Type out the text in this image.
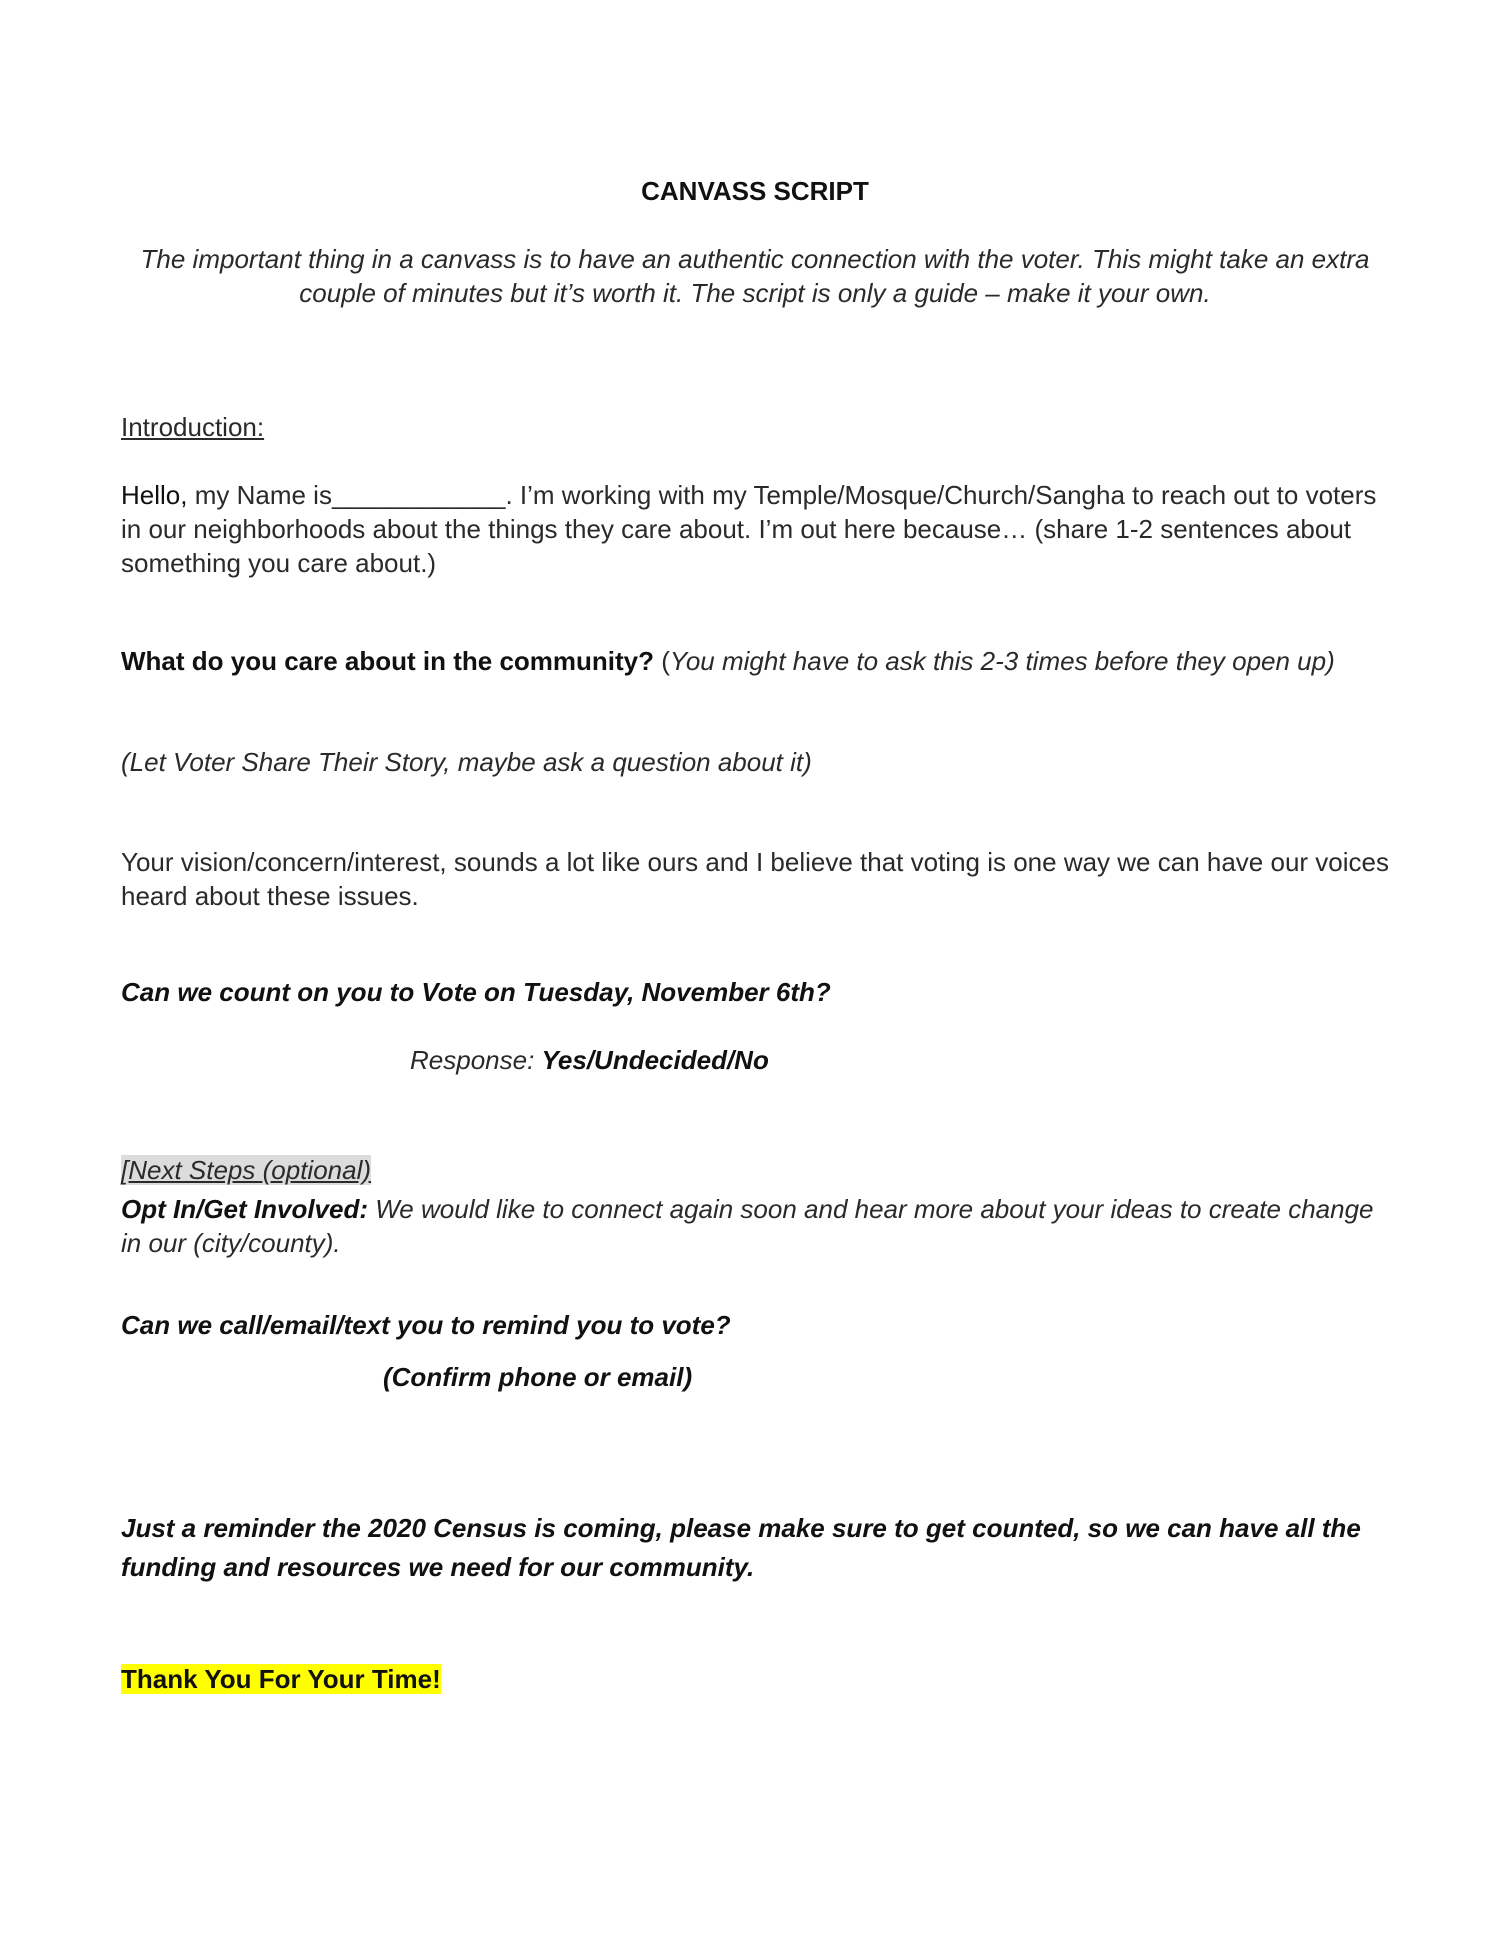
CANVASS SCRIPT
The important thing in a canvass is to have an authentic connection with the voter. This might take an extra couple of minutes but it’s worth it. The script is only a guide – make it your own.
Introduction:
Hello, my Name is____________. I’m working with my Temple/Mosque/Church/Sangha to reach out to voters in our neighborhoods about the things they care about. I’m out here because… (share 1-2 sentences about something you care about.)
What do you care about in the community? (You might have to ask this 2-3 times before they open up)
(Let Voter Share Their Story, maybe ask a question about it)
Your vision/concern/interest, sounds a lot like ours and I believe that voting is one way we can have our voices heard about these issues.
Can we count on you to Vote on Tuesday, November 6th?
Response: Yes/Undecided/No
[Next Steps (optional)
Opt In/Get Involved: We would like to connect again soon and hear more about your ideas to create change in our (city/county).
Can we call/email/text you to remind you to vote?
(Confirm phone or email)
Just a reminder the 2020 Census is coming, please make sure to get counted, so we can have all the funding and resources we need for our community.
Thank You For Your Time!
